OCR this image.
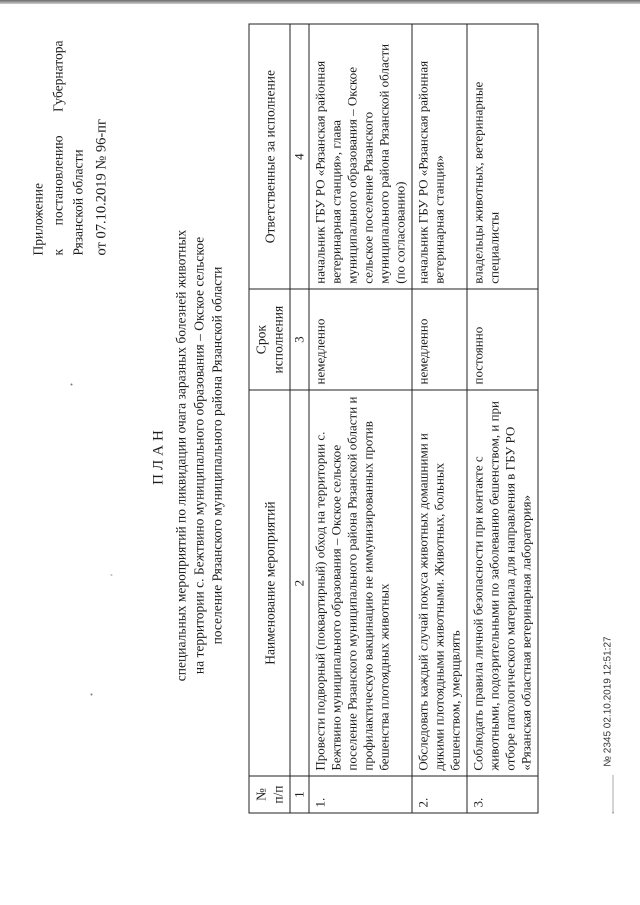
Приложение к
постановлению
Губернатора
Рязанской области от 07.10.2019 № 96-пг
ПЛАН специальных мероприятий по ликвидации очага заразных болезней животных на территории с. Бежтвино муниципального образования – Окское сельское поселение Рязанского муниципального района Рязанской области
№ п/п	Наименование мероприятий	Срок исполнения	Ответственные за исполнение
1	2	3	4
1.	Провести подворный (поквартирный) обход на территории с. Бежтвино муниципального образования – Окское сельское поселение Рязанского муниципального района Рязанской области и профилактическую вакцинацию не иммунизированных против бешенства плотоядных животных	немедленно	начальник ГБУ РО «Рязанская районная ветеринарная станция», глава муниципального образования – Окское сельское поселение Рязанского муниципального района Рязанской области (по согласованию)
2.	Обследовать каждый случай покуса животных домашними и дикими плотоядными животными. Животных, больных бешенством, умерщвлять	немедленно	начальник ГБУ РО «Рязанская районная ветеринарная станция»
3.	Соблюдать правила личной безопасности при контакте с животными, подозрительными по заболеванию бешенством, и при отборе патологического материала для направления в ГБУ РО «Рязанская областная ветеринарная лаборатория»	постоянно	владельцы животных, ветеринарные специалисты
№ 2345 02.10.2019 12:51:27
